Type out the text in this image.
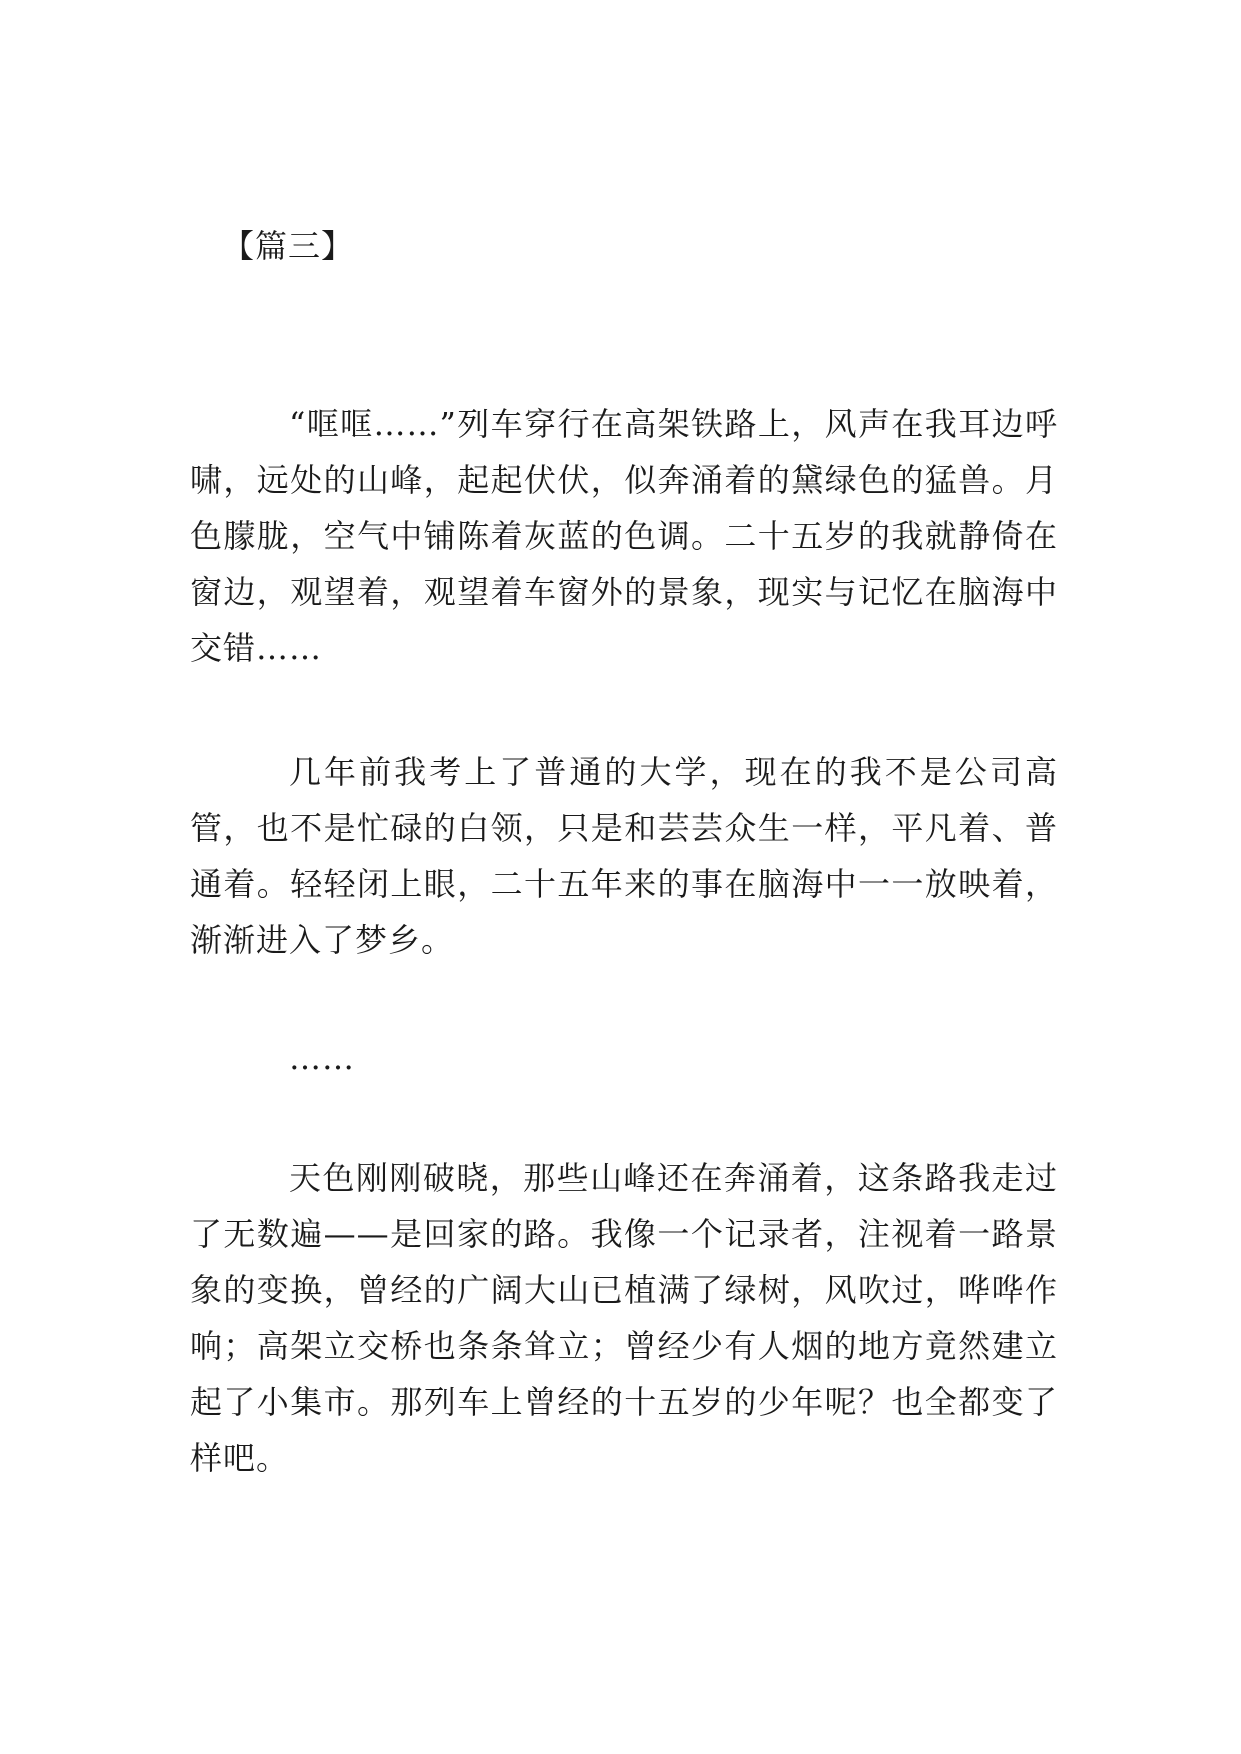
【篇三】

“哐哐……”列车穿行在高架铁路上，风声在我耳边呼啸，远处的山峰，起起伏伏，似奔涌着的黛绿色的猛兽。月色朦胧，空气中铺陈着灰蓝的色调。二十五岁的我就静倚在窗边，观望着，观望着车窗外的景象，现实与记忆在脑海中交错……

几年前我考上了普通的大学，现在的我不是公司高管，也不是忙碌的白领，只是和芸芸众生一样，平凡着、普通着。轻轻闭上眼，二十五年来的事在脑海中一一放映着，渐渐进入了梦乡。

……

天色刚刚破晓，那些山峰还在奔涌着，这条路我走过了无数遍——是回家的路。我像一个记录者，注视着一路景象的变换，曾经的广阔大山已植满了绿树，风吹过，哗哗作响；高架立交桥也条条耸立；曾经少有人烟的地方竟然建立起了小集市。那列车上曾经的十五岁的少年呢？也全都变了样吧。
